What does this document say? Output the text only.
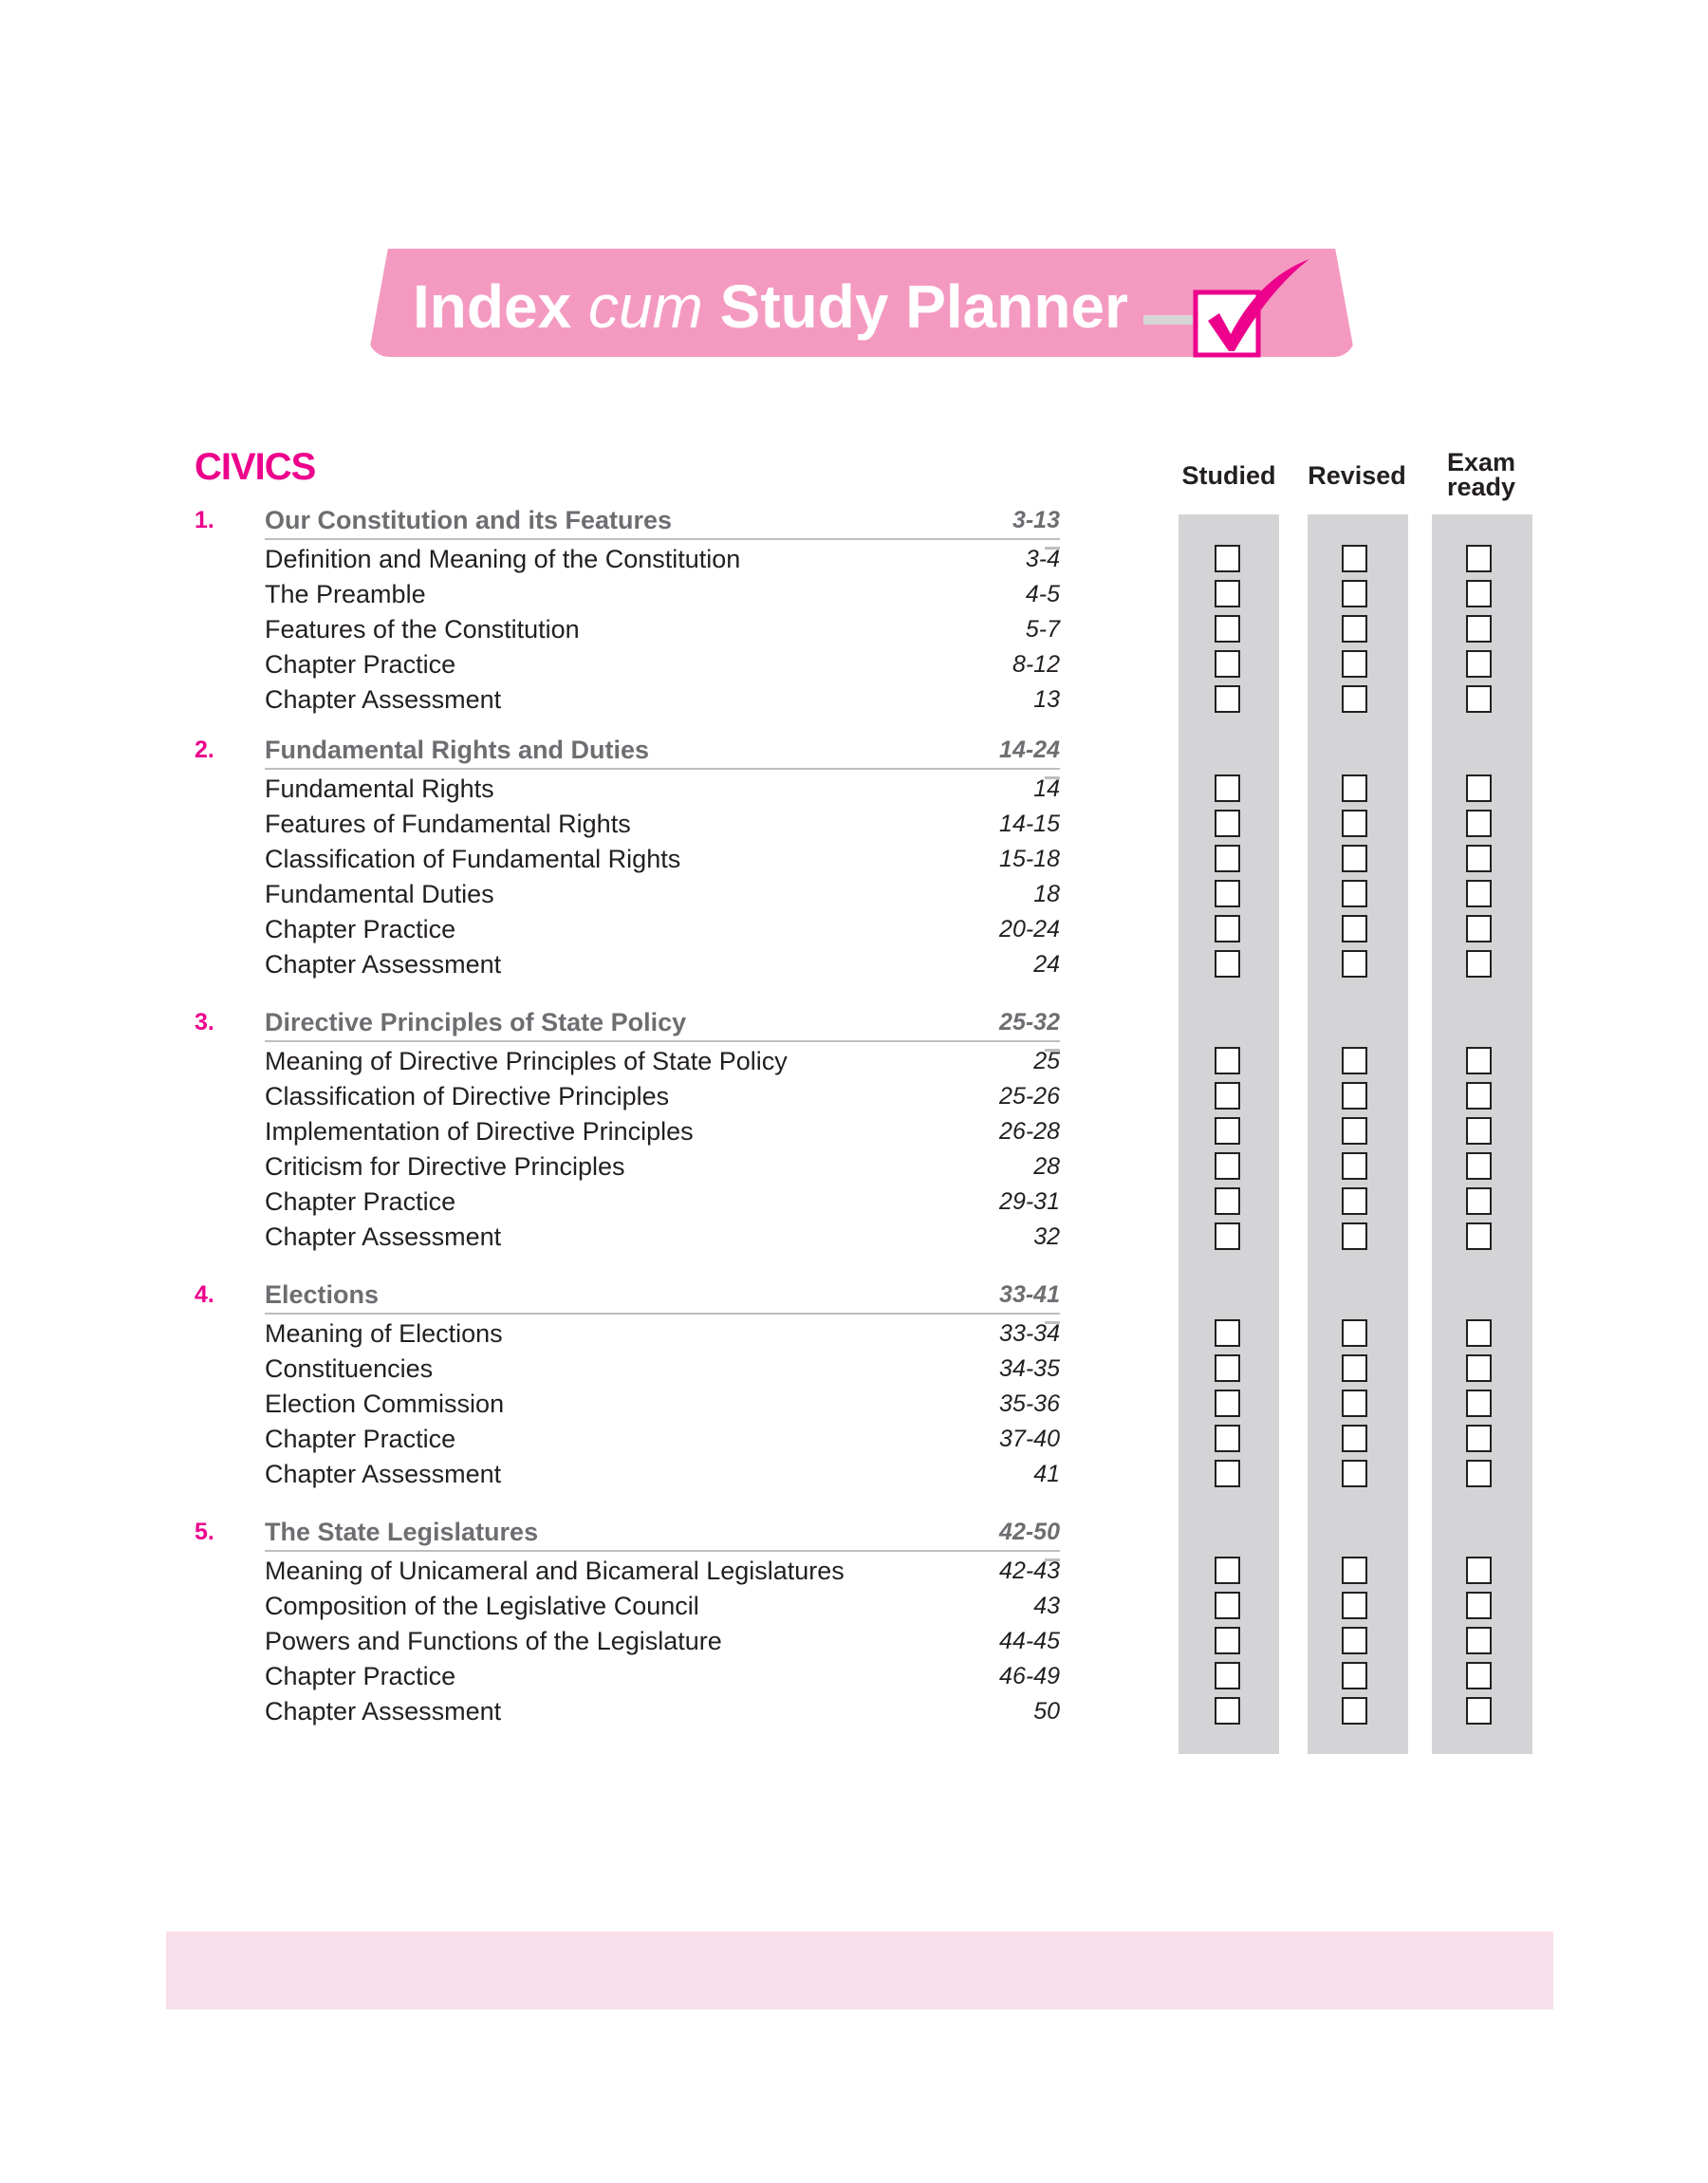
Index cum Study Planner
CIVICS	Studied	Revised	Exam
ready
1. Our Constitution and its Features	3-13
Definition and Meaning of the Constitution	3-4
The Preamble	4-5
Features of the Constitution	5-7
Chapter Practice	8-12
Chapter Assessment	13
2. Fundamental Rights and Duties	14-24
Fundamental Rights	14
Features of Fundamental Rights	14-15
Classification of Fundamental Rights	15-18
Fundamental Duties	18
Chapter Practice	20-24
Chapter Assessment	24
3. Directive Principles of State Policy	25-32
Meaning of Directive Principles of State Policy	25
Classification of Directive Principles	25-26
Implementation of Directive Principles	26-28
Criticism for Directive Principles	28
Chapter Practice	29-31
Chapter Assessment	32
4. Elections	33-41
Meaning of Elections	33-34
Constituencies	34-35
Election Commission	35-36
Chapter Practice	37-40
Chapter Assessment	41
5. The State Legislatures	42-50
Meaning of Unicameral and Bicameral Legislatures	42-43
Composition of the Legislative Council	43
Powers and Functions of the Legislature	44-45
Chapter Practice	46-49
Chapter Assessment	50
